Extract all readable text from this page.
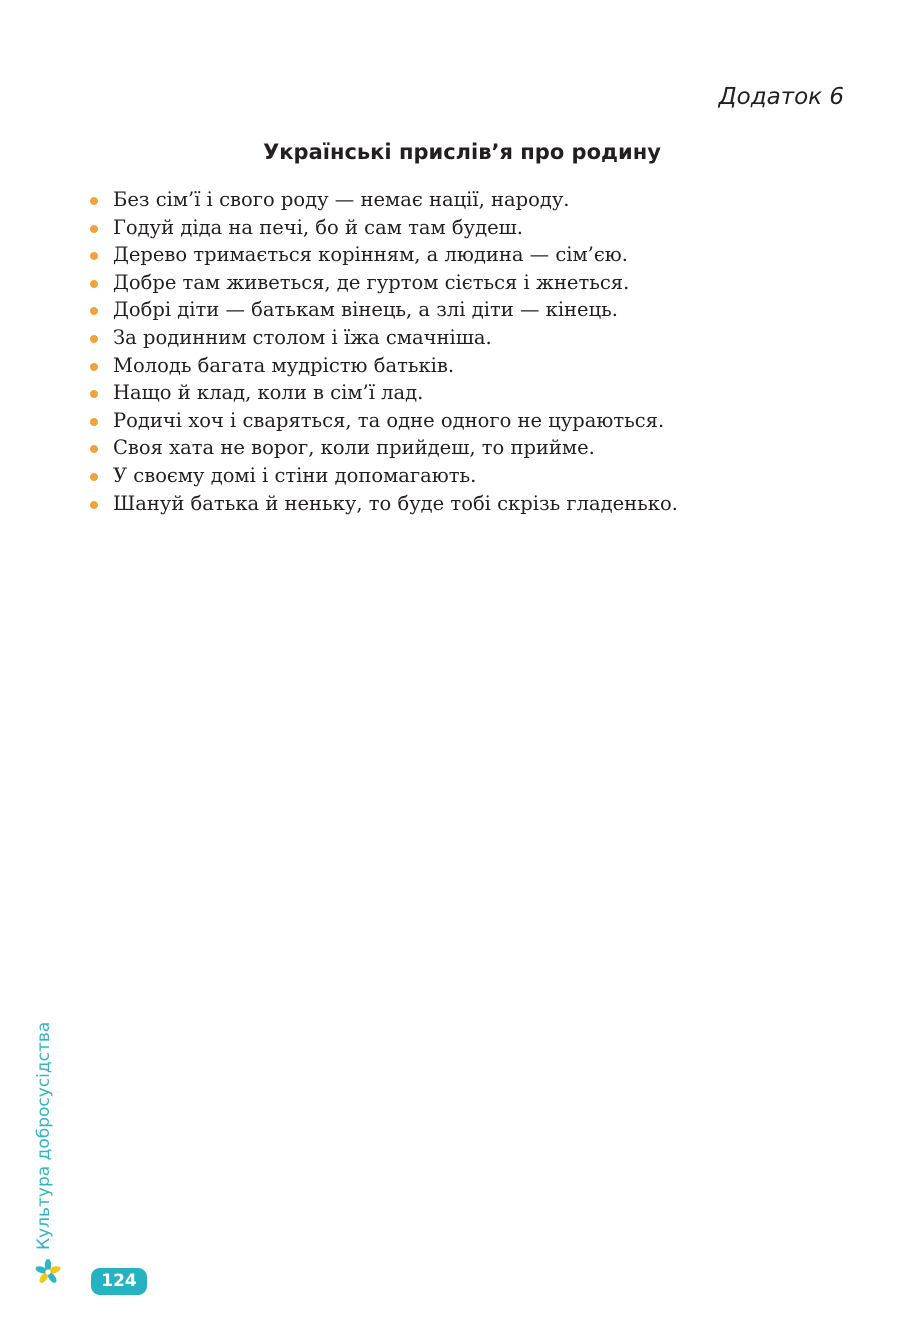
Додаток 6
Українські прислів’я про родину
Без сім’ї і свого роду — немає нації, народу.
Годуй діда на печі, бо й сам там будеш.
Дерево тримається корінням, а людина — сім’єю.
Добре там живеться, де гуртом сіється і жнеться.
Добрі діти — батькам вінець, а злі діти — кінець.
За родинним столом і їжа смачніша.
Молодь багата мудрістю батьків.
Нащо й клад, коли в сім’ї лад.
Родичі хоч і сваряться, та одне одного не цураються.
Своя хата не ворог, коли прийдеш, то прийме.
У своєму домі і стіни допомагають.
Шануй батька й неньку, то буде тобі скрізь гладенько.
Культура добросусідства
124
